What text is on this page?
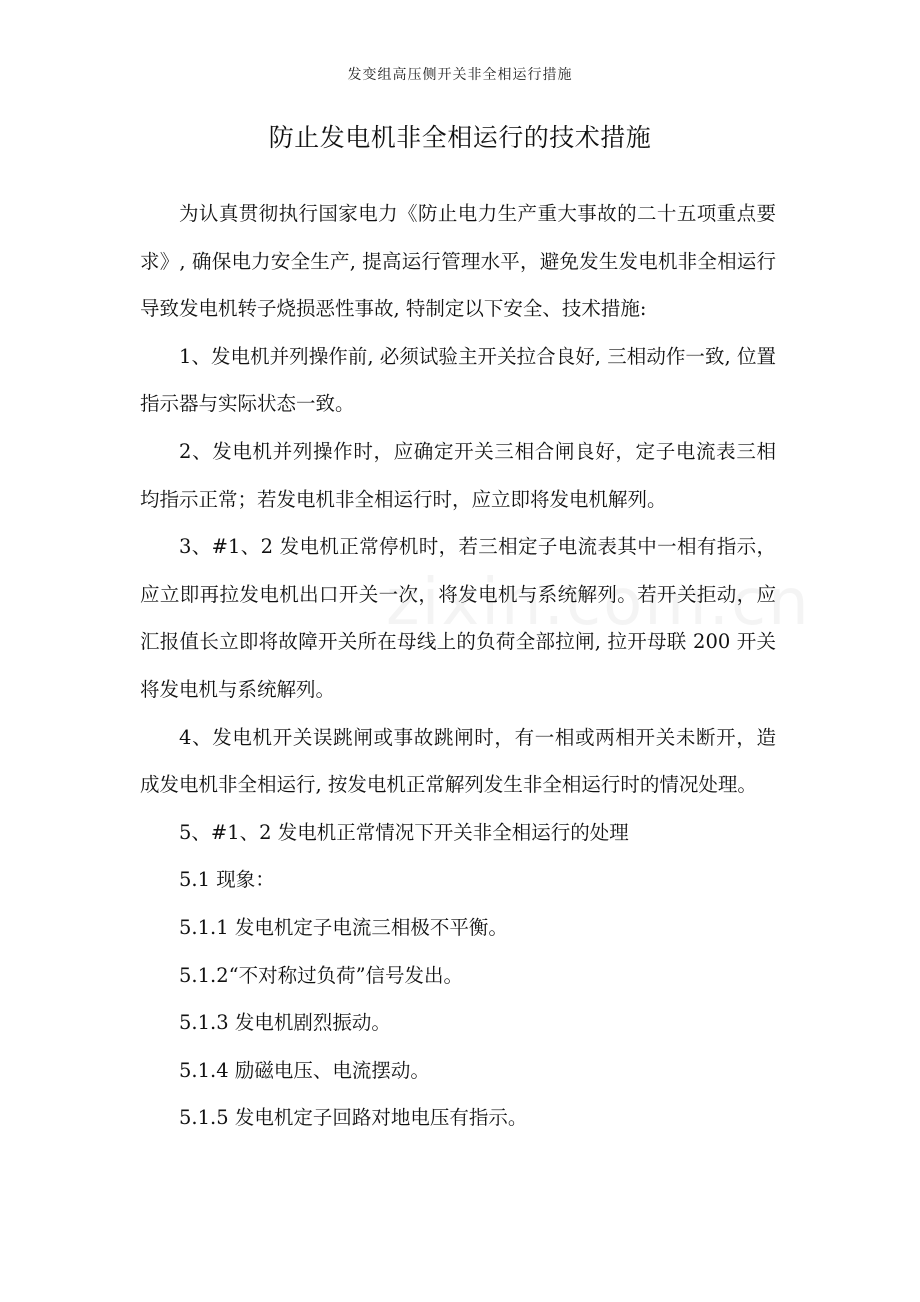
发变组高压侧开关非全相运行措施
防止发电机非全相运行的技术措施

为认真贯彻执行国家电力《防止电力生产重大事故的二十五项重点要求》, 确保电力安全生产, 提高运行管理水平，避免发生发电机非全相运行导致发电机转子烧损恶性事故, 特制定以下安全、技术措施:

1、发电机并列操作前, 必须试验主开关拉合良好, 三相动作一致, 位置指示器与实际状态一致。

2、发电机并列操作时，应确定开关三相合闸良好，定子电流表三相均指示正常；若发电机非全相运行时，应立即将发电机解列。

3、#1、2 发电机正常停机时，若三相定子电流表其中一相有指示，应立即再拉发电机出口开关一次，将发电机与系统解列。若开关拒动，应汇报值长立即将故障开关所在母线上的负荷全部拉闸, 拉开母联 200 开关将发电机与系统解列。

4、发电机开关误跳闸或事故跳闸时，有一相或两相开关未断开，造成发电机非全相运行, 按发电机正常解列发生非全相运行时的情况处理。

5、#1、2 发电机正常情况下开关非全相运行的处理

5.1 现象：

5.1.1 发电机定子电流三相极不平衡。

5.1.2“不对称过负荷”信号发出。

5.1.3 发电机剧烈振动。

5.1.4 励磁电压、电流摆动。

5.1.5 发电机定子回路对地电压有指示。
